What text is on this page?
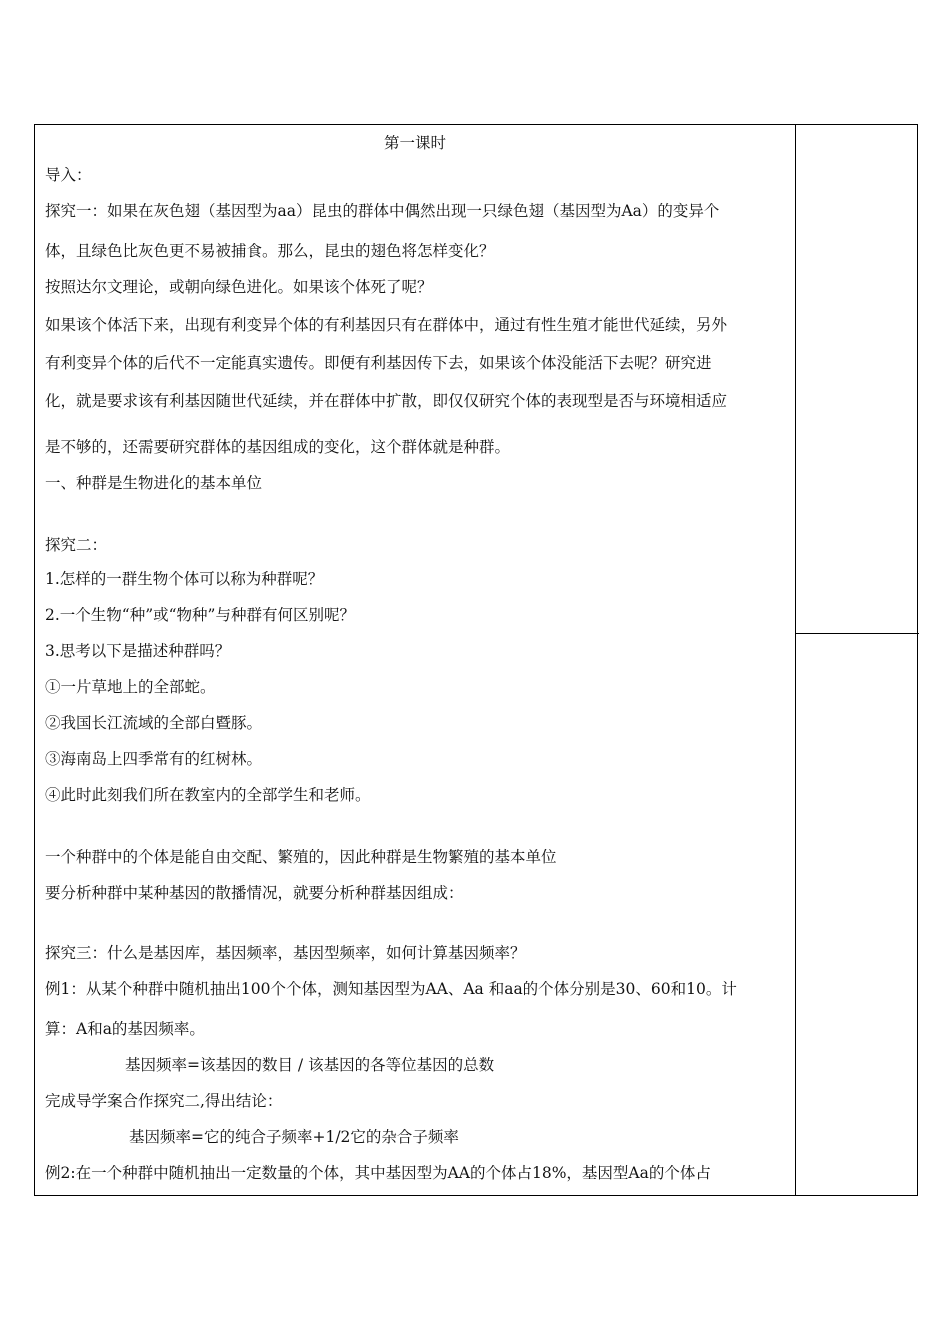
第一课时
导入：
探究一：如果在灰色翅（基因型为aa）昆虫的群体中偶然出现一只绿色翅（基因型为Aa）的变异个
体，且绿色比灰色更不易被捕食。那么，昆虫的翅色将怎样变化？
按照达尔文理论，或朝向绿色进化。如果该个体死了呢？
如果该个体活下来，出现有利变异个体的有利基因只有在群体中，通过有性生殖才能世代延续，另外
有利变异个体的后代不一定能真实遗传。即便有利基因传下去，如果该个体没能活下去呢？研究进
化，就是要求该有利基因随世代延续，并在群体中扩散，即仅仅研究个体的表现型是否与环境相适应
是不够的，还需要研究群体的基因组成的变化，这个群体就是种群。
一、种群是生物进化的基本单位
探究二：
1.怎样的一群生物个体可以称为种群呢？
2.一个生物“种”或“物种”与种群有何区别呢？
3.思考以下是描述种群吗？
①一片草地上的全部蛇。
②我国长江流域的全部白暨豚。
③海南岛上四季常有的红树林。
④此时此刻我们所在教室内的全部学生和老师。
一个种群中的个体是能自由交配、繁殖的，因此种群是生物繁殖的基本单位
要分析种群中某种基因的散播情况，就要分析种群基因组成：
探究三：什么是基因库，基因频率，基因型频率，如何计算基因频率？
例1：从某个种群中随机抽出100个个体，测知基因型为AA、Aa 和aa的个体分别是30、60和10。计
算：A和a的基因频率。
基因频率=该基因的数目 / 该基因的各等位基因的总数
完成导学案合作探究二,得出结论：
基因频率=它的纯合子频率+1/2它的杂合子频率
例2:在一个种群中随机抽出一定数量的个体，其中基因型为AA的个体占18%，基因型Aa的个体占
